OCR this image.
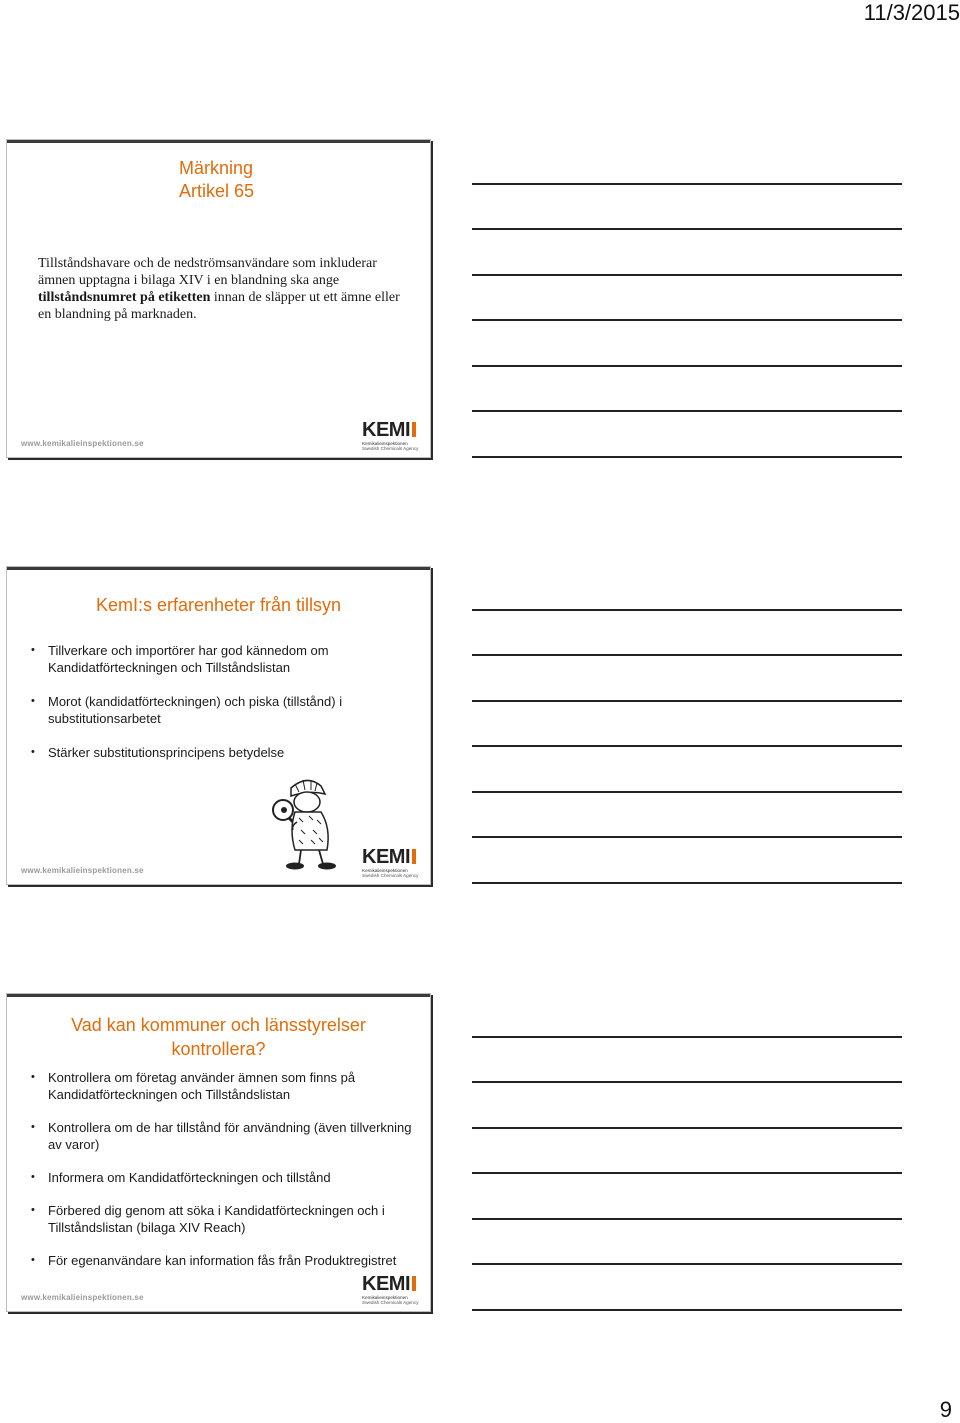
11/3/2015
Märkning
Artikel 65
Tillståndshavare och de nedströmsanvändare som inkluderar ämnen upptagna i bilaga XIV i en blandning ska ange tillståndsnumret på etiketten innan de släpper ut ett ämne eller en blandning på marknaden.
www.kemikalieinspektionen.se
KEMI
Kemikalieinspektionen
Swedish Chemicals Agency
KemI:s erfarenheter från tillsyn
• Tillverkare och importörer har god kännedom om Kandidatförteckningen och Tillståndslistan
• Morot (kandidatförteckningen) och piska (tillstånd) i substitutionsarbetet
• Stärker substitutionsprincipens betydelse
www.kemikalieinspektionen.se
KEMI
Kemikalieinspektionen
Swedish Chemicals Agency
Vad kan kommuner och länsstyrelser
kontrollera?
• Kontrollera om företag använder ämnen som finns på Kandidatförteckningen och Tillståndslistan
• Kontrollera om de har tillstånd för användning (även tillverkning av varor)
• Informera om Kandidatförteckningen och tillstånd
• Förbered dig genom att söka i Kandidatförteckningen och i Tillståndslistan (bilaga XIV Reach)
• För egenanvändare kan information fås från Produktregistret
www.kemikalieinspektionen.se
KEMI
Kemikalieinspektionen
Swedish Chemicals Agency
9
